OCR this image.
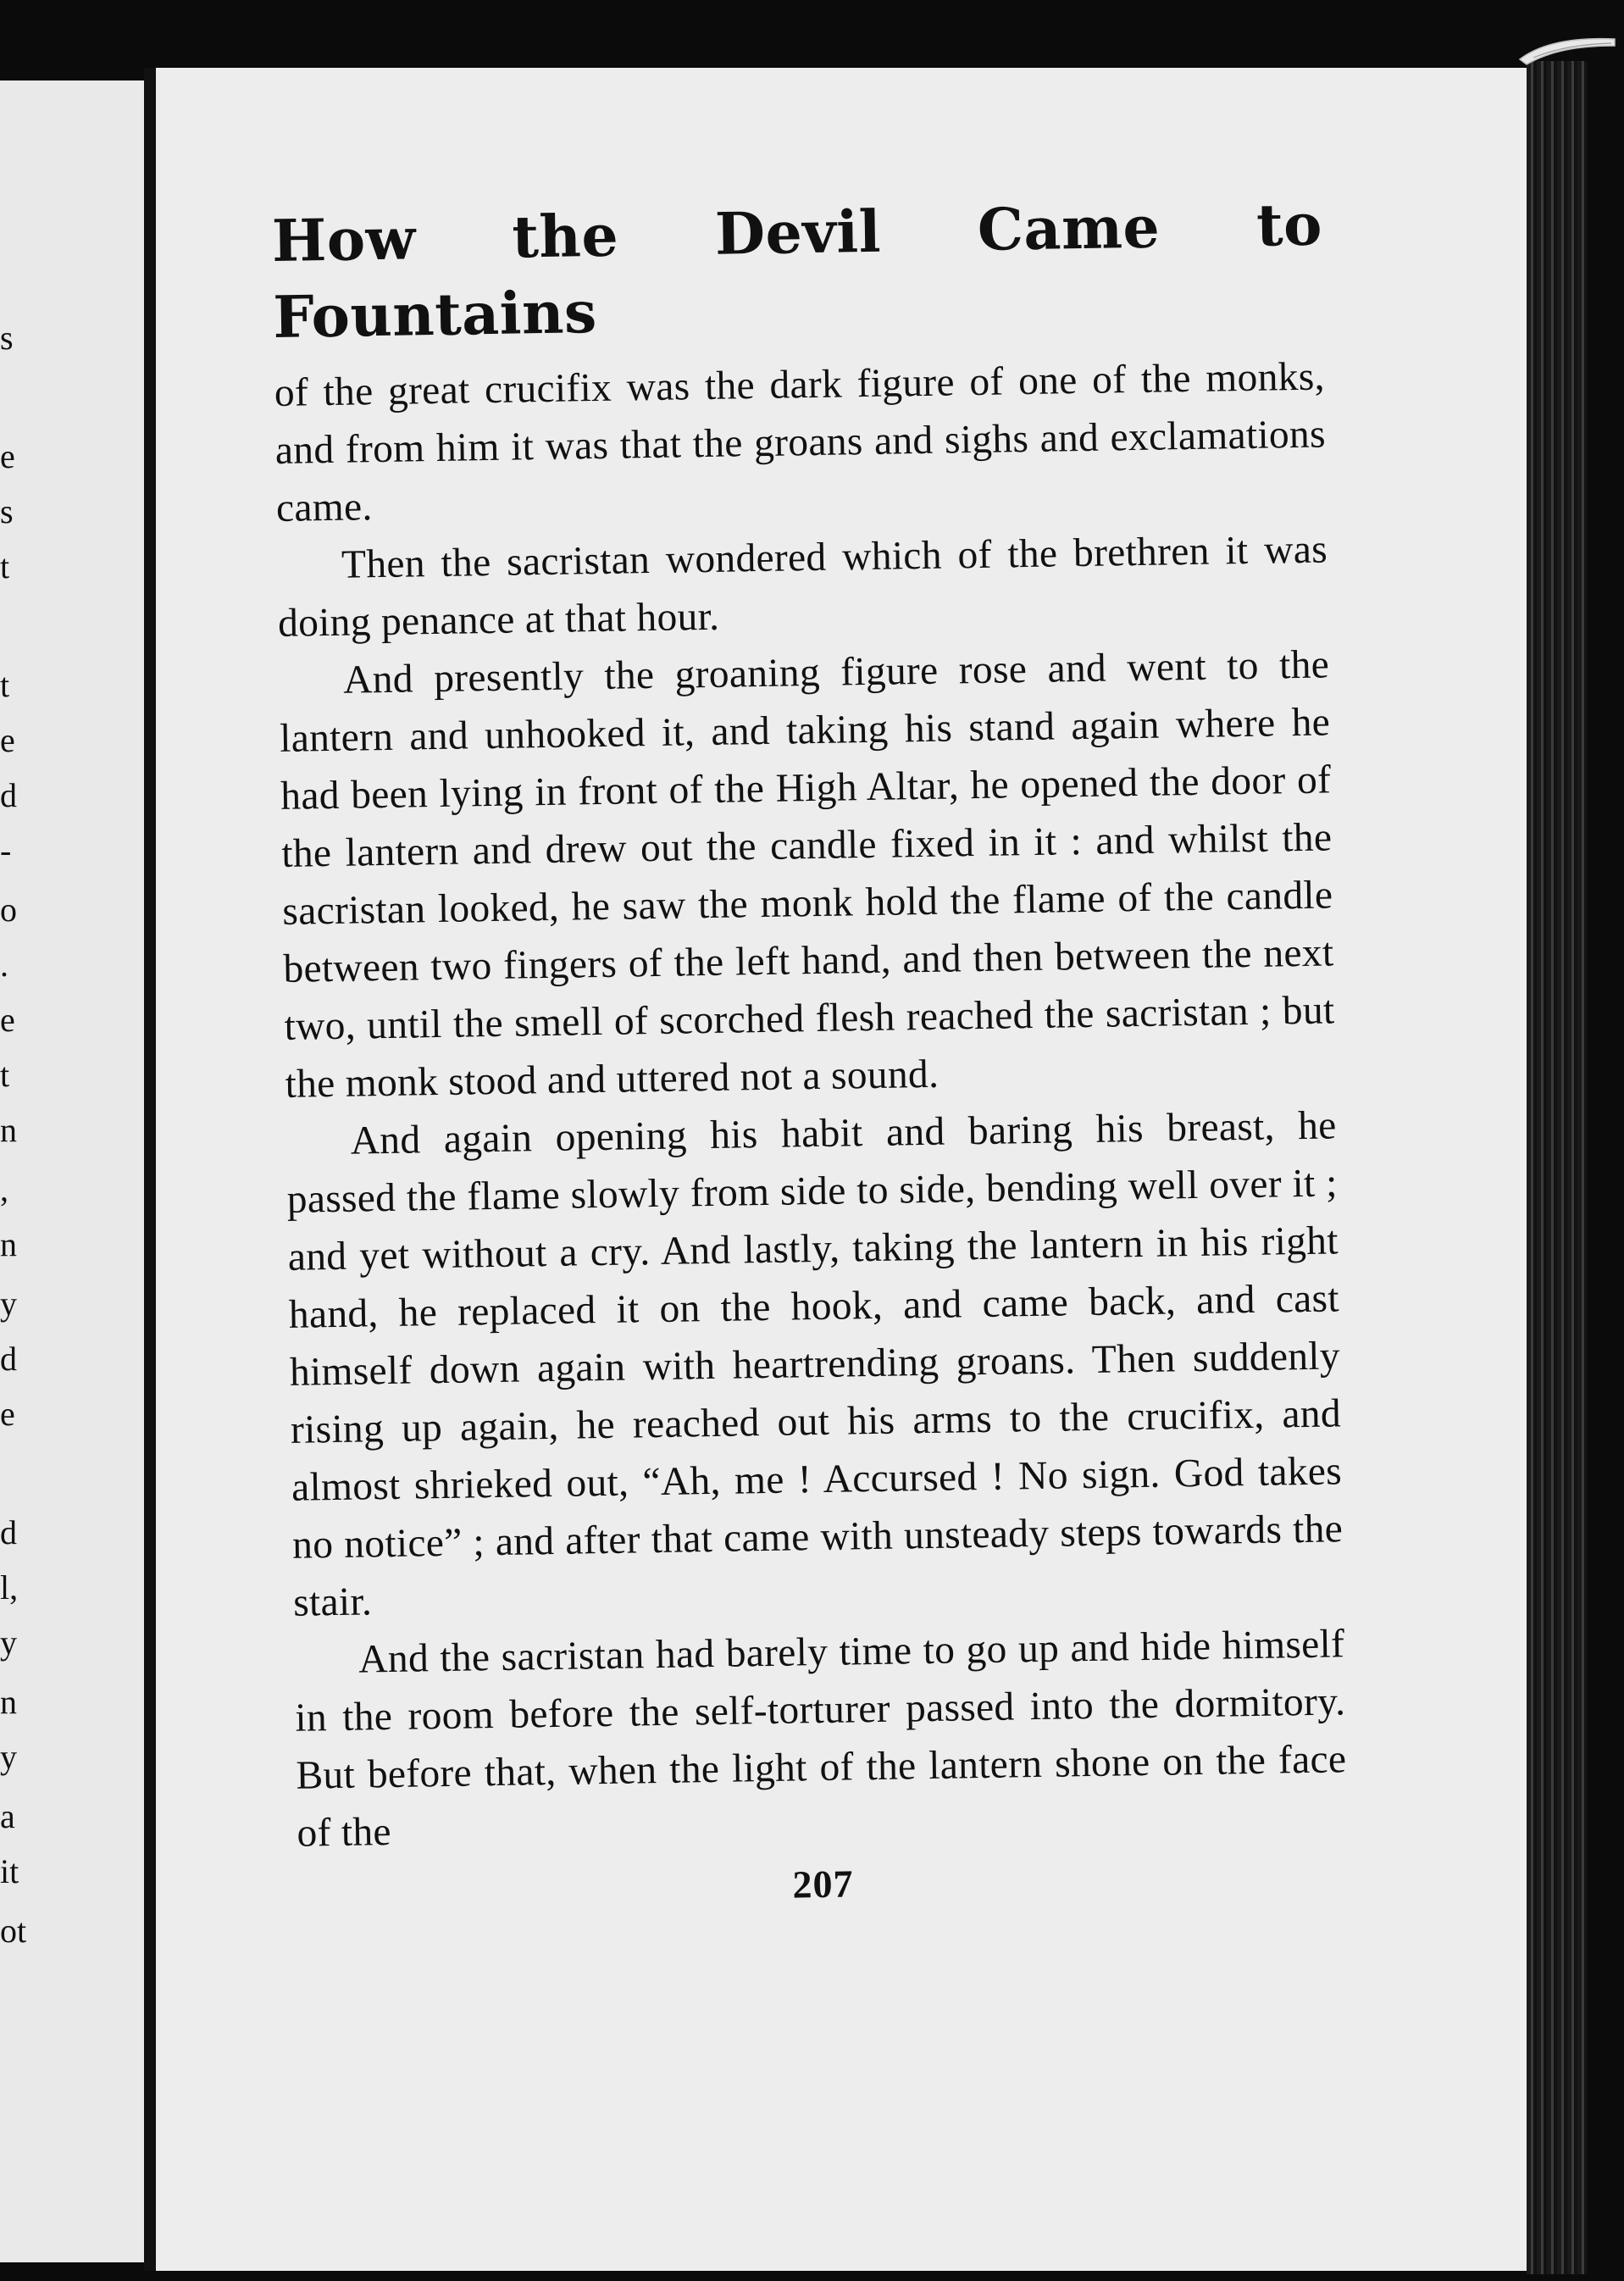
s
e
s
t
t
e
d
-
o
.
e
t
n
,
n
y
d
e
d
l,
y
n
y
a
it
ot
How the Devil Came to Fountains

of the great crucifix was the dark figure of one of the monks, and from him it was that the groans and sighs and exclamations came.

Then the sacristan wondered which of the brethren it was doing penance at that hour.

And presently the groaning figure rose and went to the lantern and unhooked it, and taking his stand again where he had been lying in front of the High Altar, he opened the door of the lantern and drew out the candle fixed in it : and whilst the sacristan looked, he saw the monk hold the flame of the candle between two fingers of the left hand, and then between the next two, until the smell of scorched flesh reached the sacristan ; but the monk stood and uttered not a sound.

And again opening his habit and baring his breast, he passed the flame slowly from side to side, bending well over it ; and yet without a cry. And lastly, taking the lantern in his right hand, he replaced it on the hook, and came back, and cast himself down again with heartrending groans. Then suddenly rising up again, he reached out his arms to the crucifix, and almost shrieked out, “Ah, me ! Accursed ! No sign. God takes no notice” ; and after that came with unsteady steps towards the stair.

And the sacristan had barely time to go up and hide himself in the room before the self-torturer passed into the dormitory. But before that, when the light of the lantern shone on the face of the

207
